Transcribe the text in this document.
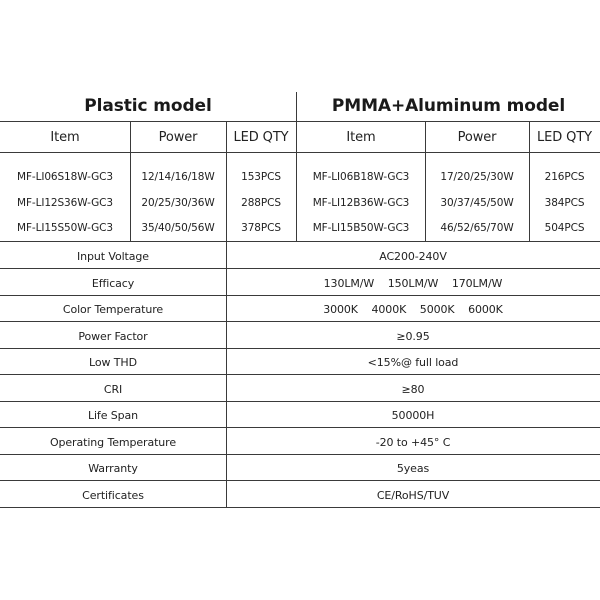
Plastic model	PMMA+Aluminum model
Item	Power	LED QTY	Item	Power	LED QTY
MF-LI06S18W-GC3	12/14/16/18W	153PCS	MF-LI06B18W-GC3	17/20/25/30W	216PCS
MF-LI12S36W-GC3	20/25/30/36W	288PCS	MF-LI12B36W-GC3	30/37/45/50W	384PCS
MF-LI15S50W-GC3	35/40/50/56W	378PCS	MF-LI15B50W-GC3	46/52/65/70W	504PCS
Input Voltage	AC200-240V
Efficacy	130LM/W    150LM/W    170LM/W
Color Temperature	3000K    4000K    5000K    6000K
Power Factor	≥0.95
Low THD	<15%@ full load
CRI	≥80
Life Span	50000H
Operating Temperature	-20 to +45° C
Warranty	5yeas
Certificates	CE/RoHS/TUV
